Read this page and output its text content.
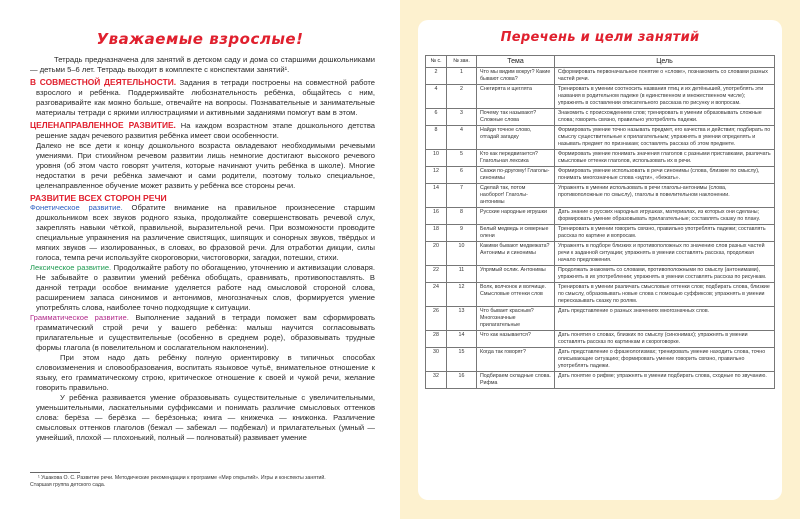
Уважаемые взрослые!

Тетрадь предназначена для занятий в детском саду и дома со старшими дошкольниками — детьми 5–6 лет. Тетрадь выходит в комплекте с конспектами занятий¹.

В СОВМЕСТНОЙ ДЕЯТЕЛЬНОСТИ. Задания в тетради построены на совместной работе взрослого и ребёнка. Поддерживайте любознательность ребёнка, общайтесь с ним, разговаривайте как можно больше, отвечайте на вопросы. Познавательные и занимательные материалы тетради с яркими иллюстрациями и активными заданиями помогут вам в этом.

ЦЕЛЕНАПРАВЛЕННОЕ РАЗВИТИЕ. На каждом возрастном этапе дошкольного детства решение задач речевого развития ребёнка имеет свои особенности.

Далеко не все дети к концу дошкольного возраста овладевают необходимыми речевыми умениями. При стихийном речевом развитии лишь немногие достигают высокого речевого уровня (об этом часто говорят учителя, которые начинают учить ребёнка в школе). Многие недостатки в речи ребёнка замечают и сами родители, поэтому только специальное, целенаправленное обучение может развить у ребёнка все стороны речи.

РАЗВИТИЕ ВСЕХ СТОРОН РЕЧИ

Фонетическое развитие. Обратите внимание на правильное произнесение старшим дошкольником всех звуков родного языка, продолжайте совершенствовать речевой слух, закреплять навыки чёткой, правильной, выразительной речи. При возможности проводите специальные упражнения на различение свистящих, шипящих и сонорных звуков, твёрдых и мягких звуков — изолированных, в словах, во фразовой речи. Для отработки дикции, силы голоса, темпа речи используйте скороговорки, чистоговорки, загадки, потешки, стихи.

Лексическое развитие. Продолжайте работу по обогащению, уточнению и активизации словаря. Не забывайте о развитии умений ребёнка обобщать, сравнивать, противопоставлять. В данной тетради особое внимание уделяется работе над смысловой стороной слова, расширением запаса синонимов и антонимов, многозначных слов, формируется умение употреблять слова, наиболее точно подходящие к ситуации.

Грамматическое развитие. Выполнение заданий в тетради поможет вам сформировать грамматический строй речи у вашего ребёнка: малыш научится согласовывать прилагательные и существительные (особенно в среднем роде), образовывать трудные формы глагола (в повелительном и сослагательном наклонении).

При этом надо дать ребёнку полную ориентировку в типичных способах словоизменения и словообразования, воспитать языковое чутьё, внимательное отношение к языку, его грамматическому строю, критическое отношение к своей и чужой речи, желание говорить правильно.

У ребёнка развивается умение образовывать существительные с увеличительными, уменьшительными, ласкательными суффиксами и понимать различие смысловых оттенков слова: берёза — берёзка — берёзонька; книга — книжечка — книжонка. Различение смысловых оттенков глаголов (бежал — забежал — подбежал) и прилагательных (умный — умнейший, плохой — плохонький, полный — полноватый) развивает умение

¹ Ушакова О. С. Развитие речи. Методические рекомендации к программе «Мир открытий». Игры и конспекты занятий.
Старшая группа детского сада.
Перечень и цели занятий
№ с.	№ зан.	Тема	Цель
2	1	Что мы видим вокруг? Какие бывают слова?	Сформировать первоначальное понятие о «слове», познакомить со словами разных частей речи.
4	2	Снегирята и щеглята	Тренировать в умении соотносить названия птиц и их детёнышей, употреблять эти названия в родительном падеже (в единственном и множественном числе); упражнять в составлении описательного рассказа по рисунку и вопросам.
6	3	Почему так называют? Сложные слова	Знакомить с происхождением слов; тренировать в умении образовывать сложные слова; говорить связно, правильно употреблять падежи.
8	4	Найди точное слово, отгадай загадку	Формировать умение точно называть предмет, его качества и действия; подбирать по смыслу существительные к прилагательным; упражнять в умении определять и называть предмет по признакам; составлять рассказ об этом предмете.
10	5	Кто как передвигается? Глагольная лексика	Формировать умение понимать значения глаголов с разными приставками, различать смысловые оттенки глаголов, использовать их в речи.
12	6	Скажи по-другому! Глаголы-синонимы	Формировать умение использовать в речи синонимы (слова, близкие по смыслу), понимать многозначные слова «идти», «бежать».
14	7	Сделай так, потом наоборот! Глаголы-антонимы	Упражнять в умении использовать в речи глаголы-антонимы (слова, противоположные по смыслу), глаголы в повелительном наклонении.
16	8	Русские народные игрушки	Дать знание о русских народных игрушках, материалах, из которых они сделаны; формировать умение образовывать прилагательные; составлять сказку по плану.
18	9	Белый медведь и северные олени	Тренировать в умении говорить связно, правильно употреблять падежи; составлять рассказ по картине и вопросам.
20	10	Какими бывают медвежата? Антонимы и синонимы	Упражнять в подборе близких и противоположных по значению слов разных частей речи к заданной ситуации; упражнять в умении составлять рассказ, продолжая начало предложения.
22	11	Упрямый ослик. Антонимы	Продолжать знакомить со словами, противоположными по смыслу (антонимами), упражнять в их употреблении; упражнять в умении составлять рассказ по рисункам.
24	12	Волк, волчонок и волчище. Смысловые оттенки слов	Тренировать в умении различать смысловые оттенки слов; подбирать слова, близкие по смыслу, образовывать новые слова с помощью суффиксов; упражнять в умении пересказывать сказку по ролям.
26	13	Что бывает красным? Многозначные прилагательные	Дать представление о разных значениях многозначных слов.
28	14	Что как называется?	Дать понятия о словах, близких по смыслу (синонимах); упражнять в умении составлять рассказ по картинкам и скороговорке.
30	15	Когда так говорят?	Дать представление о фразеологизмах; тренировать умение находить слова, точно описывающие ситуацию; формировать умение говорить связно, правильно употреблять падежи.
32	16	Подбираем складные слова. Рифма	Дать понятие о рифме; упражнять в умении подбирать слова, сходные по звучанию.
